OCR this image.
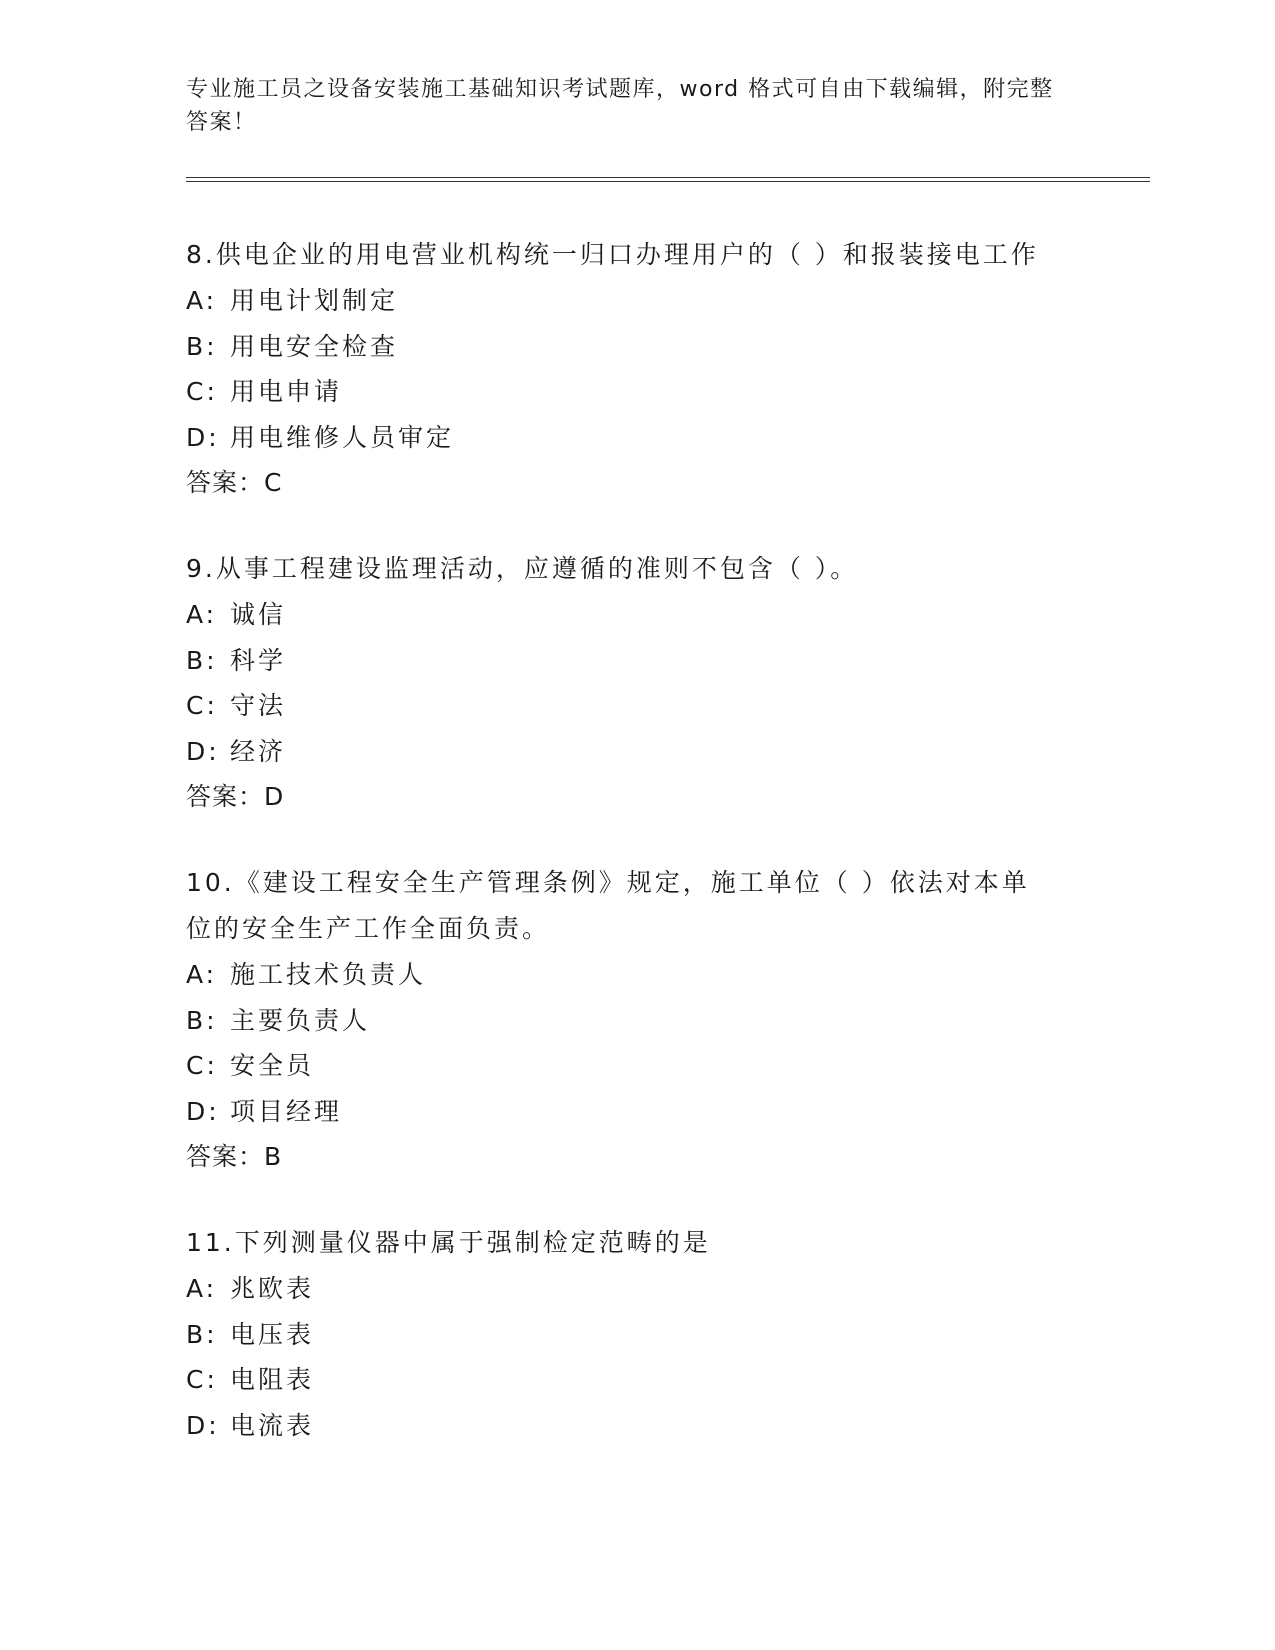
专业施工员之设备安装施工基础知识考试题库，word 格式可自由下载编辑，附完整答案！

8.供电企业的用电营业机构统一归口办理用户的（ ）和报装接电工作

A: 用电计划制定

B: 用电安全检查

C: 用电申请

D: 用电维修人员审定

答案：C

9.从事工程建设监理活动，应遵循的准则不包含（ ）。

A: 诚信

B: 科学

C: 守法

D: 经济

答案：D

10.《建设工程安全生产管理条例》规定，施工单位（ ）依法对本单位的安全生产工作全面负责。

A: 施工技术负责人

B: 主要负责人

C: 安全员

D: 项目经理

答案：B

11.下列测量仪器中属于强制检定范畴的是

A: 兆欧表

B: 电压表

C: 电阻表

D: 电流表
